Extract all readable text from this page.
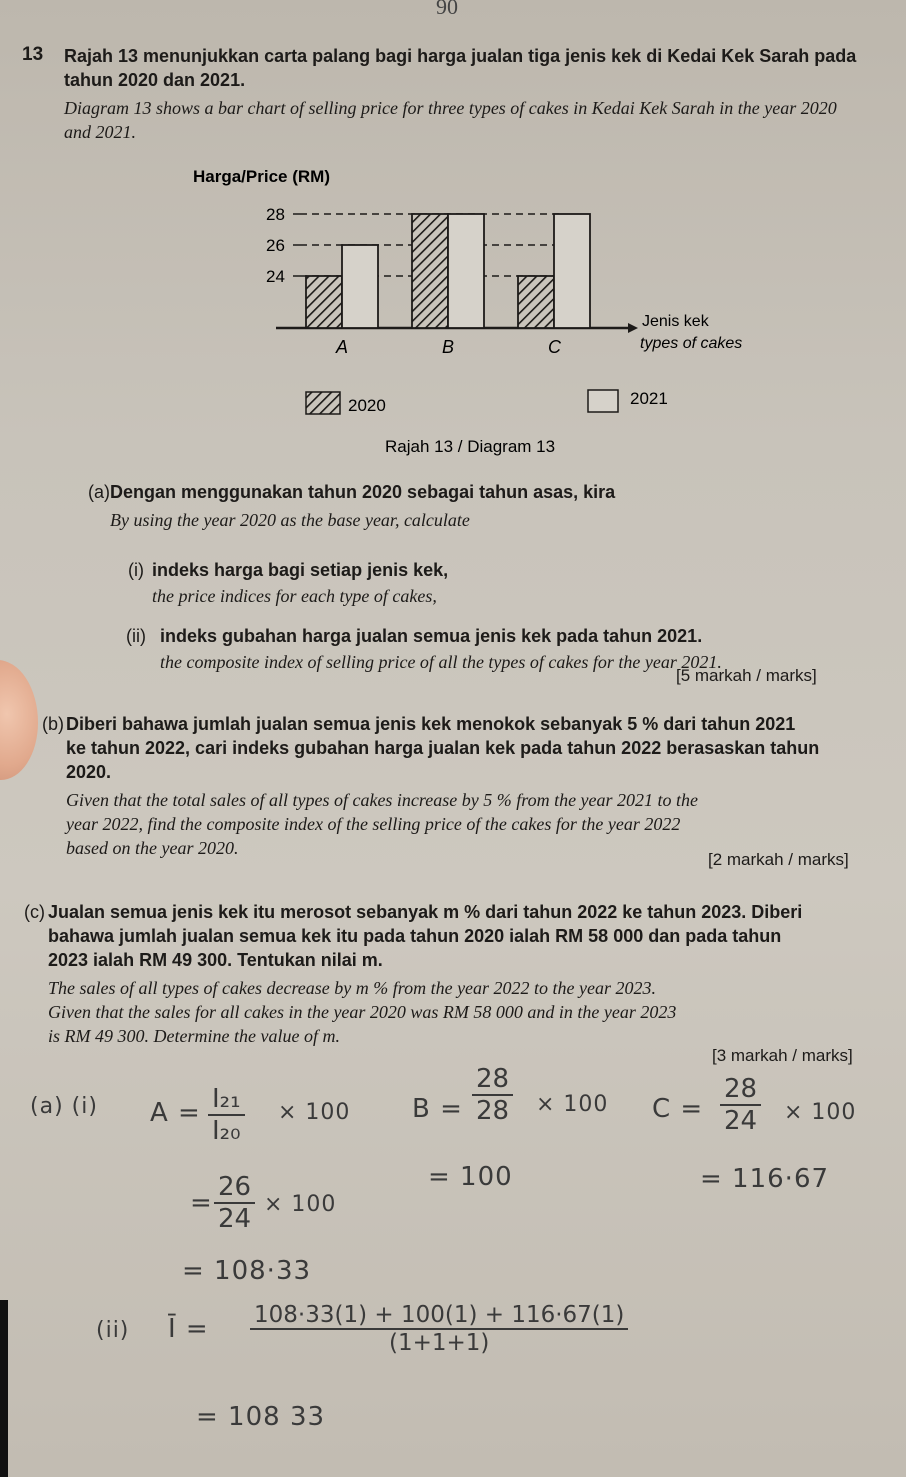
90
13 Rajah 13 menunjukkan carta palang bagi harga jualan tiga jenis kek di Kedai Kek Sarah pada tahun 2020 dan 2021.
Diagram 13 shows a bar chart of selling price for three types of cakes in Kedai Kek Sarah in the year 2020 and 2021.
Harga/Price (RM)
24
26
28
A	B	C
Jenis kek
types of cakes
2020	2021
Rajah 13 / Diagram 13
(a) Dengan menggunakan tahun 2020 sebagai tahun asas, kira
By using the year 2020 as the base year, calculate
(i) indeks harga bagi setiap jenis kek,
the price indices for each type of cakes,
(ii) indeks gubahan harga jualan semua jenis kek pada tahun 2021.
the composite index of selling price of all the types of cakes for the year 2021.
[5 markah / marks]
(b) Diberi bahawa jumlah jualan semua jenis kek menokok sebanyak 5 % dari tahun 2021
ke tahun 2022, cari indeks gubahan harga jualan kek pada tahun 2022 berasaskan tahun
2020.
Given that the total sales of all types of cakes increase by 5 % from the year 2021 to the
year 2022, find the composite index of the selling price of the cakes for the year 2022
based on the year 2020.
[2 markah / marks]
(c) Jualan semua jenis kek itu merosot sebanyak m % dari tahun 2022 ke tahun 2023. Diberi
bahawa jumlah jualan semua kek itu pada tahun 2020 ialah RM 58 000 dan pada tahun
2023 ialah RM 49 300. Tentukan nilai m.
The sales of all types of cakes decrease by m % from the year 2022 to the year 2023.
Given that the sales for all cakes in the year 2020 was RM 58 000 and in the year 2023
is RM 49 300. Determine the value of m.
[3 markah / marks]
(a) (i) $A = \frac{\text{I₂₁}}{\text{I₂₀}} \times 100$
= $\frac{26}{24} \times 100$
= 108·33
$B = \frac{28}{28} \times 100$
= 100
$C = \frac{28}{24} \times 100$
= 116·67
(ii) Ī = $\frac{108\cdot 33(1) + 100(1) + 116\cdot 67(1)}{(1+1+1)}$
= 108 33
